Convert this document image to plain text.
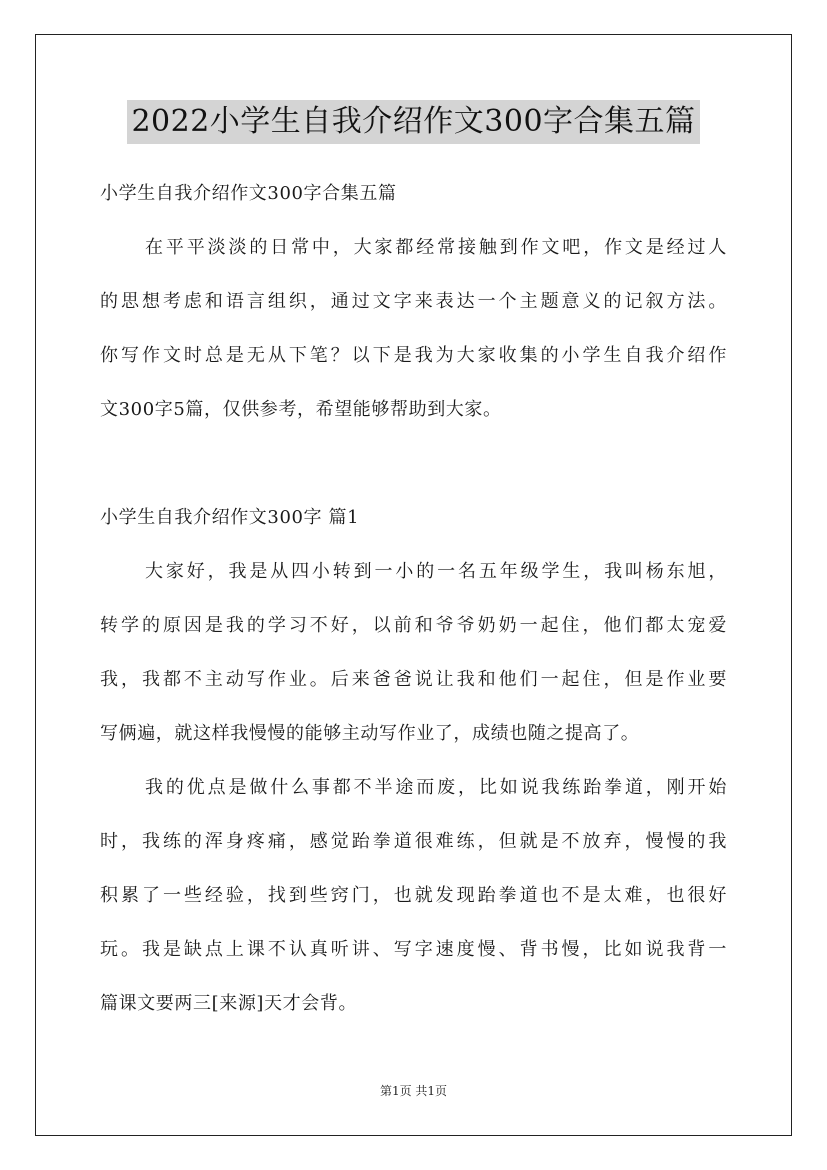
2022小学生自我介绍作文300字合集五篇
小学生自我介绍作文300字合集五篇
在平平淡淡的日常中，大家都经常接触到作文吧，作文是经过人
的思想考虑和语言组织，通过文字来表达一个主题意义的记叙方法。
你写作文时总是无从下笔？以下是我为大家收集的小学生自我介绍作
文300字5篇，仅供参考，希望能够帮助到大家。
小学生自我介绍作文300字 篇1
大家好，我是从四小转到一小的一名五年级学生，我叫杨东旭，
转学的原因是我的学习不好，以前和爷爷奶奶一起住，他们都太宠爱
我，我都不主动写作业。后来爸爸说让我和他们一起住，但是作业要
写俩遍，就这样我慢慢的能够主动写作业了，成绩也随之提高了。
我的优点是做什么事都不半途而废，比如说我练跆拳道，刚开始
时，我练的浑身疼痛，感觉跆拳道很难练，但就是不放弃，慢慢的我
积累了一些经验，找到些窍门，也就发现跆拳道也不是太难，也很好
玩。我是缺点上课不认真听讲、写字速度慢、背书慢，比如说我背一
篇课文要两三[来源]天才会背。
第1页 共1页
